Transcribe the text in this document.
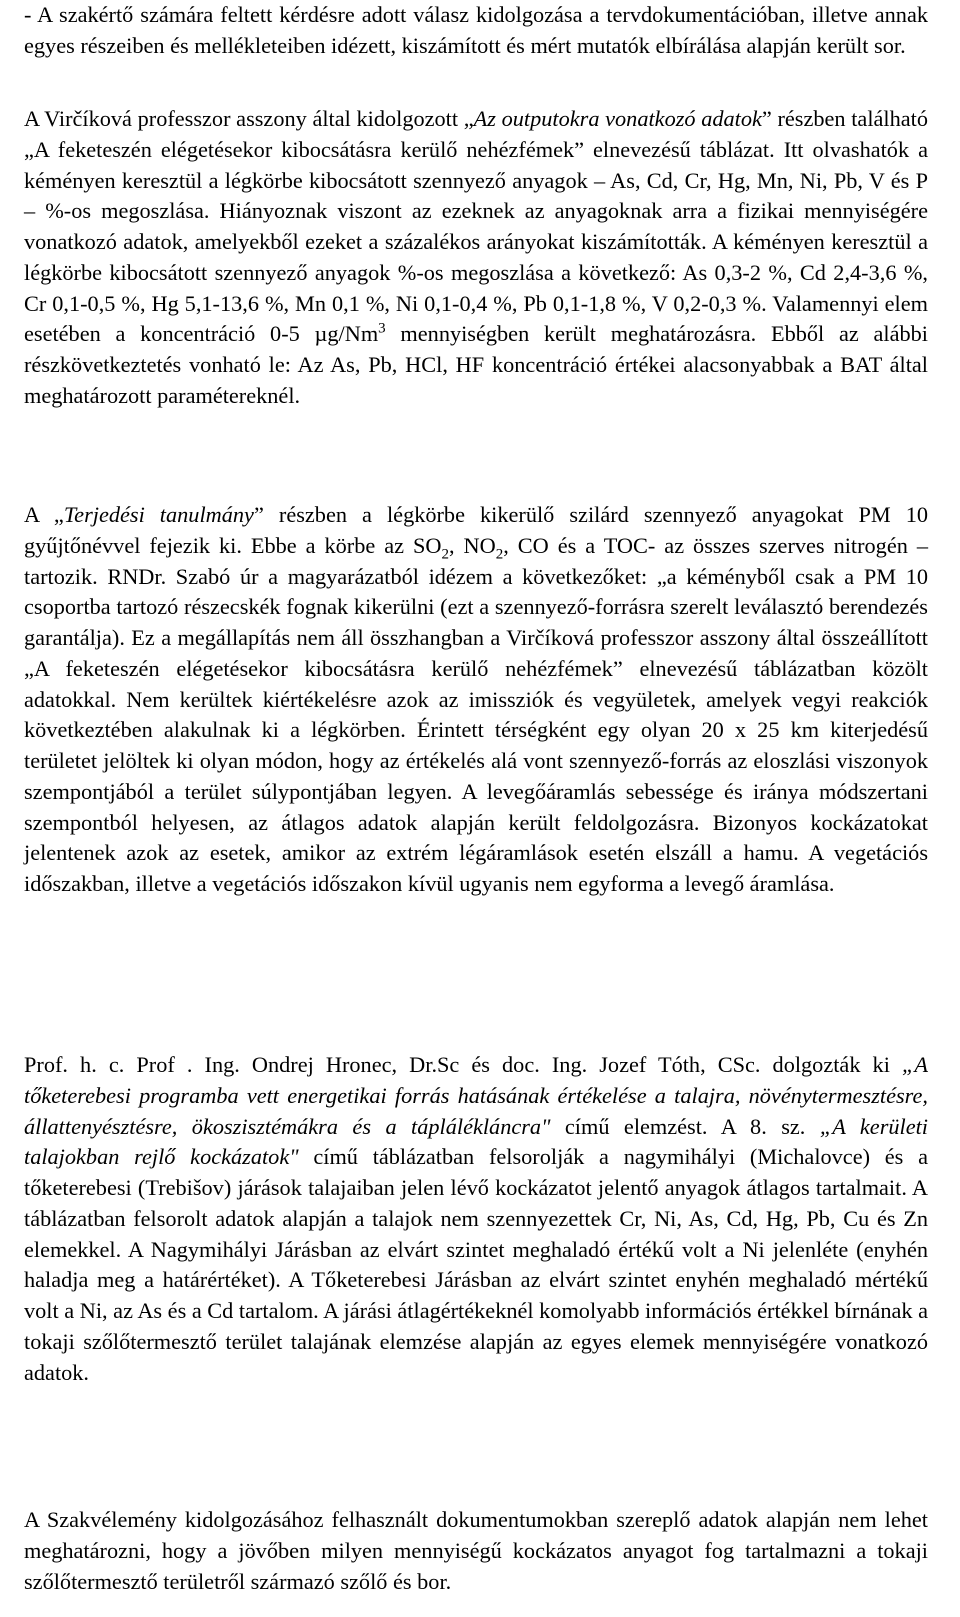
- A szakértő számára feltett kérdésre adott válasz kidolgozása a tervdokumentációban, illetve annak egyes részeiben és mellékleteiben idézett, kiszámított és mért mutatók elbírálása alapján került sor.

A Virčíková professzor asszony által kidolgozott „Az outputokra vonatkozó adatok” részben található „A feketeszén elégetésekor kibocsátásra kerülő nehézfémek” elnevezésű táblázat. Itt olvashatók a kéményen keresztül a légkörbe kibocsátott szennyező anyagok – As, Cd, Cr, Hg, Mn, Ni, Pb, V és P – %-os megoszlása. Hiányoznak viszont az ezeknek az anyagoknak arra a fizikai mennyiségére vonatkozó adatok, amelyekből ezeket a százalékos arányokat kiszámították. A kéményen keresztül a légkörbe kibocsátott szennyező anyagok %-os megoszlása a következő: As 0,3-2 %, Cd 2,4-3,6 %, Cr 0,1-0,5 %, Hg 5,1-13,6 %, Mn 0,1 %, Ni 0,1-0,4 %, Pb 0,1-1,8 %, V 0,2-0,3 %. Valamennyi elem esetében a koncentráció 0-5 µg/Nm$^3$ mennyiségben került meghatározásra. Ebből az alábbi részkövetkeztetés vonható le: Az As, Pb, HCl, HF koncentráció értékei alacsonyabbak a BAT által meghatározott paramétereknél.

A „Terjedési tanulmány” részben a légkörbe kikerülő szilárd szennyező anyagokat PM 10 gyűjtőnévvel fejezik ki. Ebbe a körbe az $SO_2$, $NO_2$, CO és a TOC- az összes szerves nitrogén – tartozik. RNDr. Szabó úr a magyarázatból idézem a következőket: „a kéményből csak a PM 10 csoportba tartozó részecskék fognak kikerülni (ezt a szennyező-forrásra szerelt leválasztó berendezés garantálja). Ez a megállapítás nem áll összhangban a Virčíková professzor asszony által összeállított „A feketeszén elégetésekor kibocsátásra kerülő nehézfémek” elnevezésű táblázatban közölt adatokkal. Nem kerültek kiértékelésre azok az imissziók és vegyületek, amelyek vegyi reakciók következtében alakulnak ki a légkörben. Érintett térségként egy olyan 20 x 25 km kiterjedésű területet jelöltek ki olyan módon, hogy az értékelés alá vont szennyező-forrás az eloszlási viszonyok szempontjából a terület súlypontjában legyen. A levegőáramlás sebessége és iránya módszertani szempontból helyesen, az átlagos adatok alapján került feldolgozásra. Bizonyos kockázatokat jelentenek azok az esetek, amikor az extrém légáramlások esetén elszáll a hamu. A vegetációs időszakban, illetve a vegetációs időszakon kívül ugyanis nem egyforma a levegő áramlása.

Prof. h. c. Prof . Ing. Ondrej Hronec, Dr.Sc és doc. Ing. Jozef Tóth, CSc. dolgozták ki „A tőketerebesi programba vett energetikai forrás hatásának értékelése a talajra, növénytermesztésre, állattenyésztésre, ökoszisztémákra és a táplálékláncra" című elemzést. A 8. sz. „A kerületi talajokban rejlő kockázatok" című táblázatban felsorolják a nagymihályi (Michalovce) és a tőketerebesi (Trebišov) járások talajaiban jelen lévő kockázatot jelentő anyagok átlagos tartalmait. A táblázatban felsorolt adatok alapján a talajok nem szennyezettek Cr, Ni, As, Cd, Hg, Pb, Cu és Zn elemekkel. A Nagymihályi Járásban az elvárt szintet meghaladó értékű volt a Ni jelenléte (enyhén haladja meg a határértéket). A Tőketerebesi Járásban az elvárt szintet enyhén meghaladó mértékű volt a Ni, az As és a Cd tartalom. A járási átlagértékeknél komolyabb információs értékkel bírnának a tokaji szőlőtermesztő terület talajának elemzése alapján az egyes elemek mennyiségére vonatkozó adatok.

A Szakvélemény kidolgozásához felhasznált dokumentumokban szereplő adatok alapján nem lehet meghatározni, hogy a jövőben milyen mennyiségű kockázatos anyagot fog tartalmazni a tokaji szőlőtermesztő területről származó szőlő és bor.
